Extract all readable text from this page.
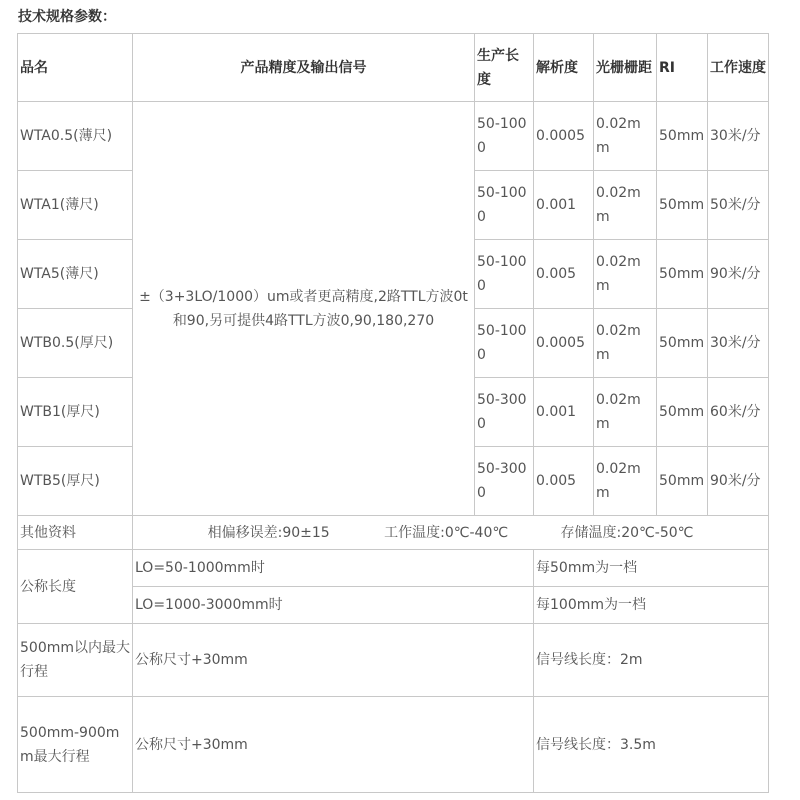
技术规格参数：
品名	产品精度及输出信号	生产长度	解析度	光栅栅距	RI	工作速度
WTA0.5(薄尺)	±（3+3LO/1000）um或者更高精度,2路TTL方波0t和90,另可提供4路TTL方波0,90,180,270	50-1000	0.0005	0.02mm	50mm	30米/分
WTA1(薄尺)		50-1000	0.001	0.02mm	50mm	50米/分
WTA5(薄尺)		50-1000	0.005	0.02mm	50mm	90米/分
WTB0.5(厚尺)		50-1000	0.0005	0.02mm	50mm	30米/分
WTB1(厚尺)		50-3000	0.001	0.02mm	50mm	60米/分
WTB5(厚尺)		50-3000	0.005	0.02mm	50mm	90米/分
其他资料	相偏移误差:90±15 工作温度:0℃-40℃ 存储温度:20℃-50℃					
公称长度	LO=50-1000mm时		每50mm为一档			
	LO=1000-3000mm时		每100mm为一档			
500mm以内最大行程	公称尺寸+30mm		信号线长度：2m			
500mm-900mm最大行程	公称尺寸+30mm		信号线长度：3.5m			
